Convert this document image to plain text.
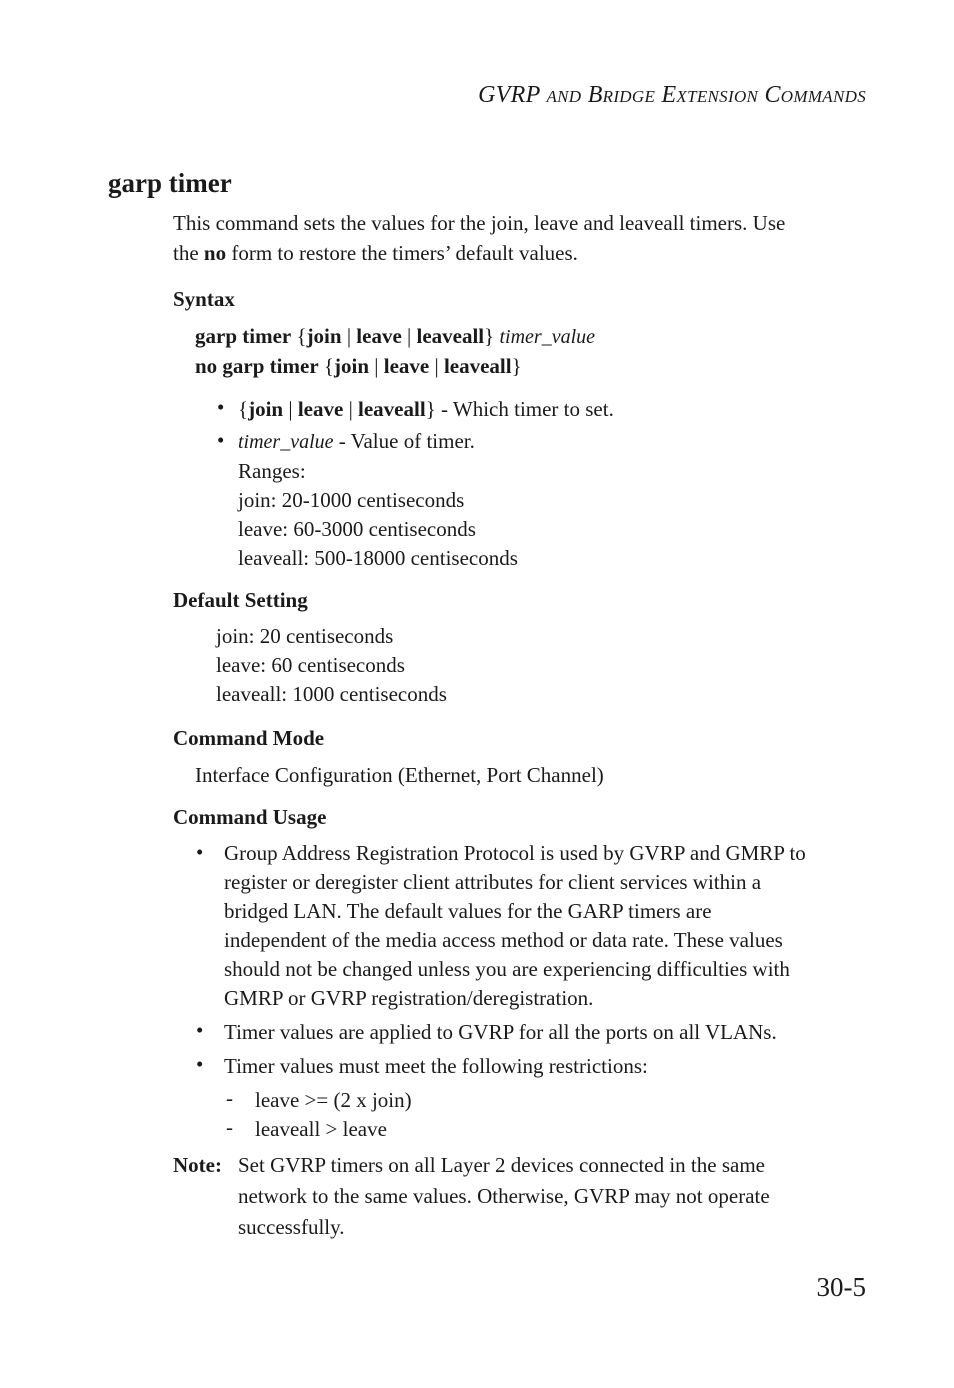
GVRP AND BRIDGE EXTENSION COMMANDS
garp timer
This command sets the values for the join, leave and leaveall timers. Use
the no form to restore the timers’ default values.
Syntax
garp timer {join | leave | leaveall} timer_value
no garp timer {join | leave | leaveall}
• {join | leave | leaveall} - Which timer to set.
• timer_value - Value of timer.
Ranges:
join: 20-1000 centiseconds
leave: 60-3000 centiseconds
leaveall: 500-18000 centiseconds
Default Setting
join: 20 centiseconds
leave: 60 centiseconds
leaveall: 1000 centiseconds
Command Mode
Interface Configuration (Ethernet, Port Channel)
Command Usage
• Group Address Registration Protocol is used by GVRP and GMRP to
register or deregister client attributes for client services within a
bridged LAN. The default values for the GARP timers are
independent of the media access method or data rate. These values
should not be changed unless you are experiencing difficulties with
GMRP or GVRP registration/deregistration.
• Timer values are applied to GVRP for all the ports on all VLANs.
• Timer values must meet the following restrictions:
- leave >= (2 x join)
- leaveall > leave
Note: Set GVRP timers on all Layer 2 devices connected in the same
network to the same values. Otherwise, GVRP may not operate
successfully.
30-5
